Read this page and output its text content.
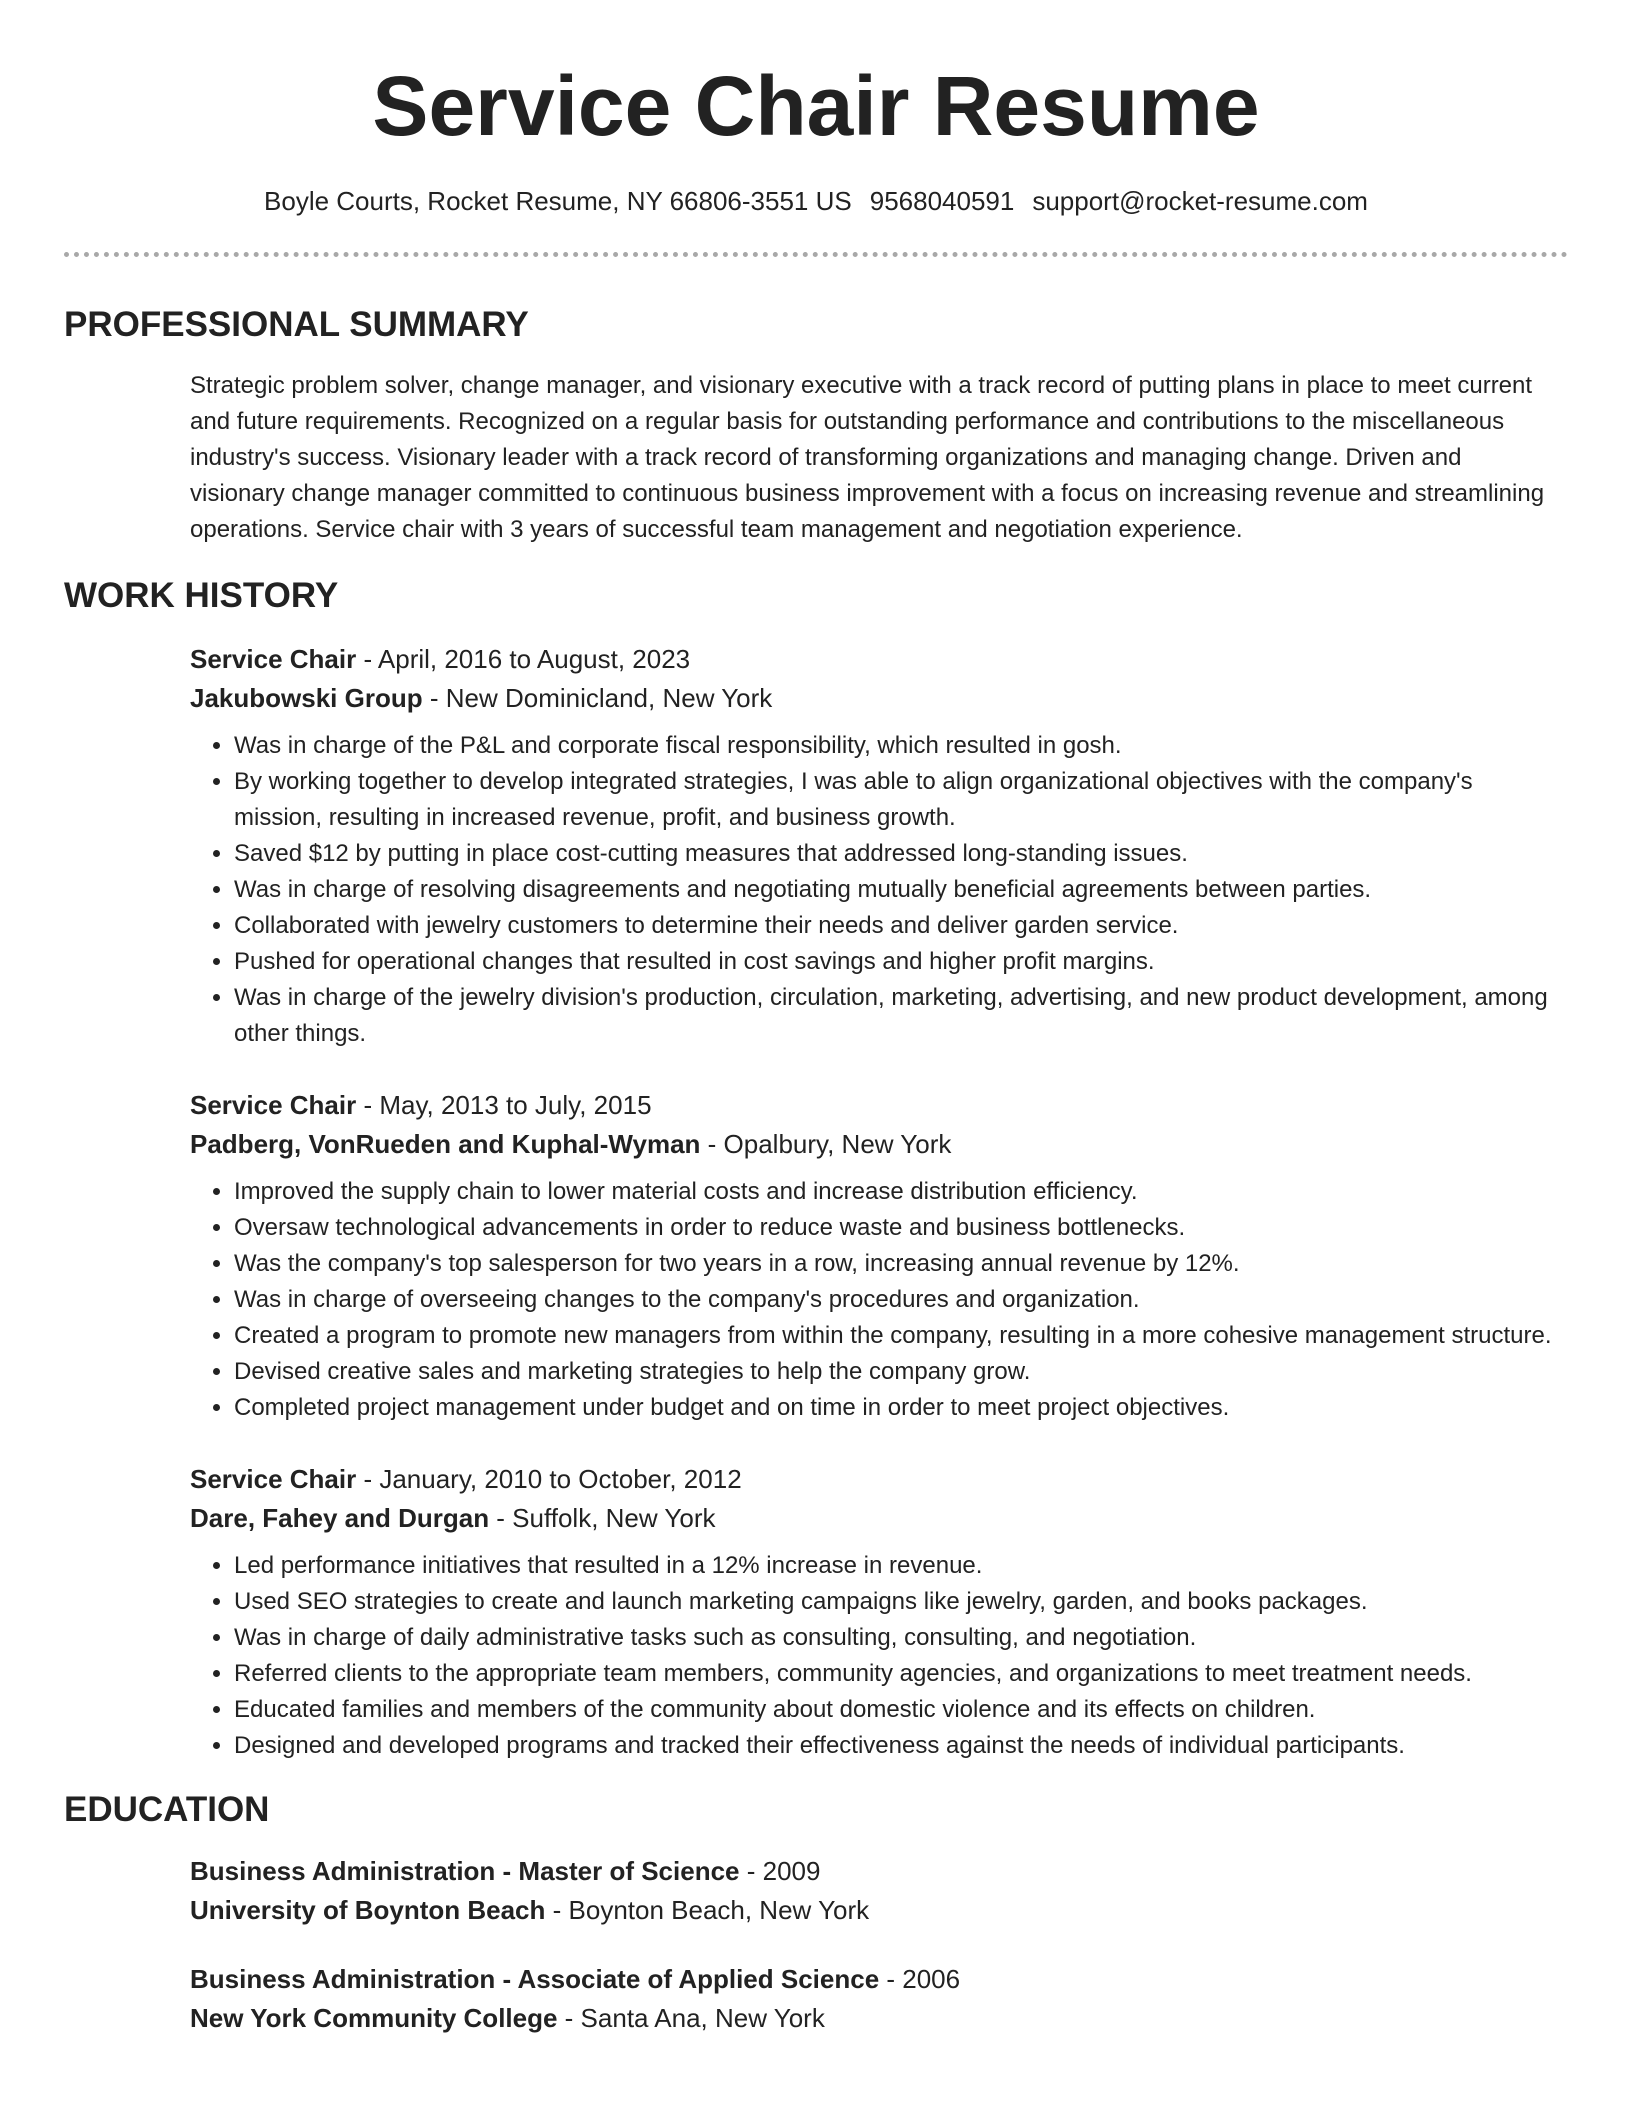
Service Chair Resume
Boyle Courts, Rocket Resume, NY 66806-3551 US 9568040591 support@rocket-resume.com
PROFESSIONAL SUMMARY
Strategic problem solver, change manager, and visionary executive with a track record of putting plans in place to meet current and future requirements. Recognized on a regular basis for outstanding performance and contributions to the miscellaneous industry's success. Visionary leader with a track record of transforming organizations and managing change. Driven and visionary change manager committed to continuous business improvement with a focus on increasing revenue and streamlining operations. Service chair with 3 years of successful team management and negotiation experience.
WORK HISTORY
Service Chair - April, 2016 to August, 2023
Jakubowski Group - New Dominicland, New York
• Was in charge of the P&L and corporate fiscal responsibility, which resulted in gosh.
• By working together to develop integrated strategies, I was able to align organizational objectives with the company's mission, resulting in increased revenue, profit, and business growth.
• Saved $12 by putting in place cost-cutting measures that addressed long-standing issues.
• Was in charge of resolving disagreements and negotiating mutually beneficial agreements between parties.
• Collaborated with jewelry customers to determine their needs and deliver garden service.
• Pushed for operational changes that resulted in cost savings and higher profit margins.
• Was in charge of the jewelry division's production, circulation, marketing, advertising, and new product development, among other things.
Service Chair - May, 2013 to July, 2015
Padberg, VonRueden and Kuphal-Wyman - Opalbury, New York
• Improved the supply chain to lower material costs and increase distribution efficiency.
• Oversaw technological advancements in order to reduce waste and business bottlenecks.
• Was the company's top salesperson for two years in a row, increasing annual revenue by 12%.
• Was in charge of overseeing changes to the company's procedures and organization.
• Created a program to promote new managers from within the company, resulting in a more cohesive management structure.
• Devised creative sales and marketing strategies to help the company grow.
• Completed project management under budget and on time in order to meet project objectives.
Service Chair - January, 2010 to October, 2012
Dare, Fahey and Durgan - Suffolk, New York
• Led performance initiatives that resulted in a 12% increase in revenue.
• Used SEO strategies to create and launch marketing campaigns like jewelry, garden, and books packages.
• Was in charge of daily administrative tasks such as consulting, consulting, and negotiation.
• Referred clients to the appropriate team members, community agencies, and organizations to meet treatment needs.
• Educated families and members of the community about domestic violence and its effects on children.
• Designed and developed programs and tracked their effectiveness against the needs of individual participants.
EDUCATION
Business Administration - Master of Science - 2009
University of Boynton Beach - Boynton Beach, New York
Business Administration - Associate of Applied Science - 2006
New York Community College - Santa Ana, New York
